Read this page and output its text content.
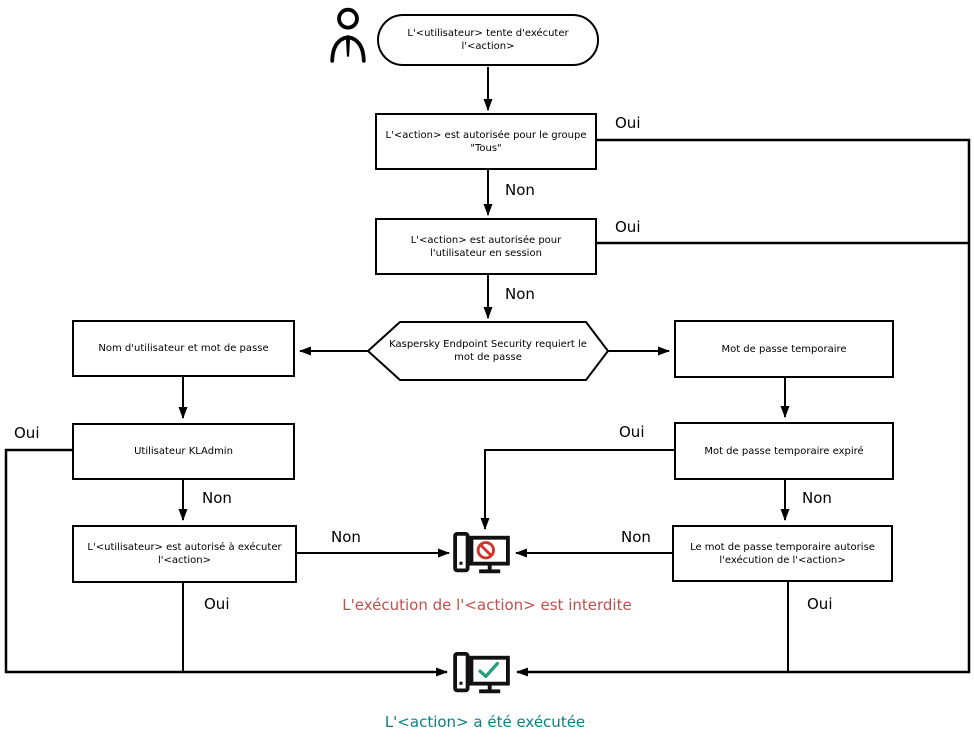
L'<utilisateur> tente d'exécuter l'<action>
L'<action> est autorisée pour le groupe "Tous"
L'<action> est autorisée pour l'utilisateur en session
Kaspersky Endpoint Security requiert le mot de passe
Nom d'utilisateur et mot de passe
Utilisateur KLAdmin
L'<utilisateur> est autorisé à exécuter l'<action>
Mot de passe temporaire
Mot de passe temporaire expiré
Le mot de passe temporaire autorise l'exécution de l'<action>
Oui
Non
Oui
Non
Oui
Non
Non
Oui
Oui
Non
Non
Oui
L'exécution de l'<action> est interdite
L'<action> a été exécutée
